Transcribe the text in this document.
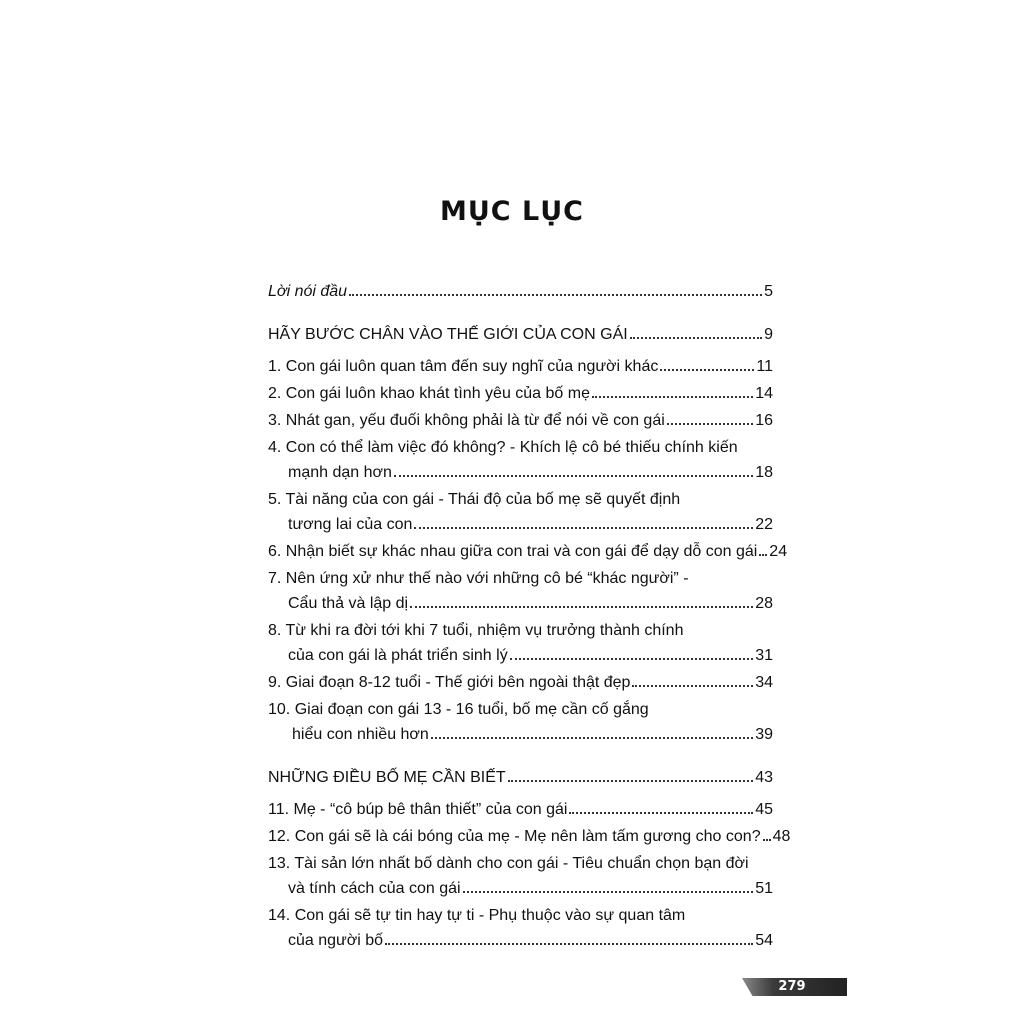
MỤC LỤC
Lời nói đầu	5
HÃY BƯỚC CHÂN VÀO THẾ GIỚI CỦA CON GÁI	9
1. Con gái luôn quan tâm đến suy nghĩ của người khác	11
2. Con gái luôn khao khát tình yêu của bố mẹ	14
3. Nhát gan, yếu đuối không phải là từ để nói về con gái	16
4. Con có thể làm việc đó không? - Khích lệ cô bé thiếu chính kiến
mạnh dạn hơn	18
5. Tài năng của con gái - Thái độ của bố mẹ sẽ quyết định
tương lai của con	22
6. Nhận biết sự khác nhau giữa con trai và con gái để dạy dỗ con gái 24
7. Nên ứng xử như thế nào với những cô bé “khác người” -
Cẩu thả và lập dị	28
8. Từ khi ra đời tới khi 7 tuổi, nhiệm vụ trưởng thành chính
của con gái là phát triển sinh lý	31
9. Giai đoạn 8-12 tuổi - Thế giới bên ngoài thật đẹp	34
10. Giai đoạn con gái 13 - 16 tuổi, bố mẹ cần cố gắng
hiểu con nhiều hơn	39
NHỮNG ĐIỀU BỐ MẸ CẦN BIẾT	43
11. Mẹ - “cô búp bê thân thiết” của con gái	45
12. Con gái sẽ là cái bóng của mẹ - Mẹ nên làm tấm gương cho con? 48
13. Tài sản lớn nhất bố dành cho con gái - Tiêu chuẩn chọn bạn đời
và tính cách của con gái	51
14. Con gái sẽ tự tin hay tự ti - Phụ thuộc vào sự quan tâm
của người bố	54
279
